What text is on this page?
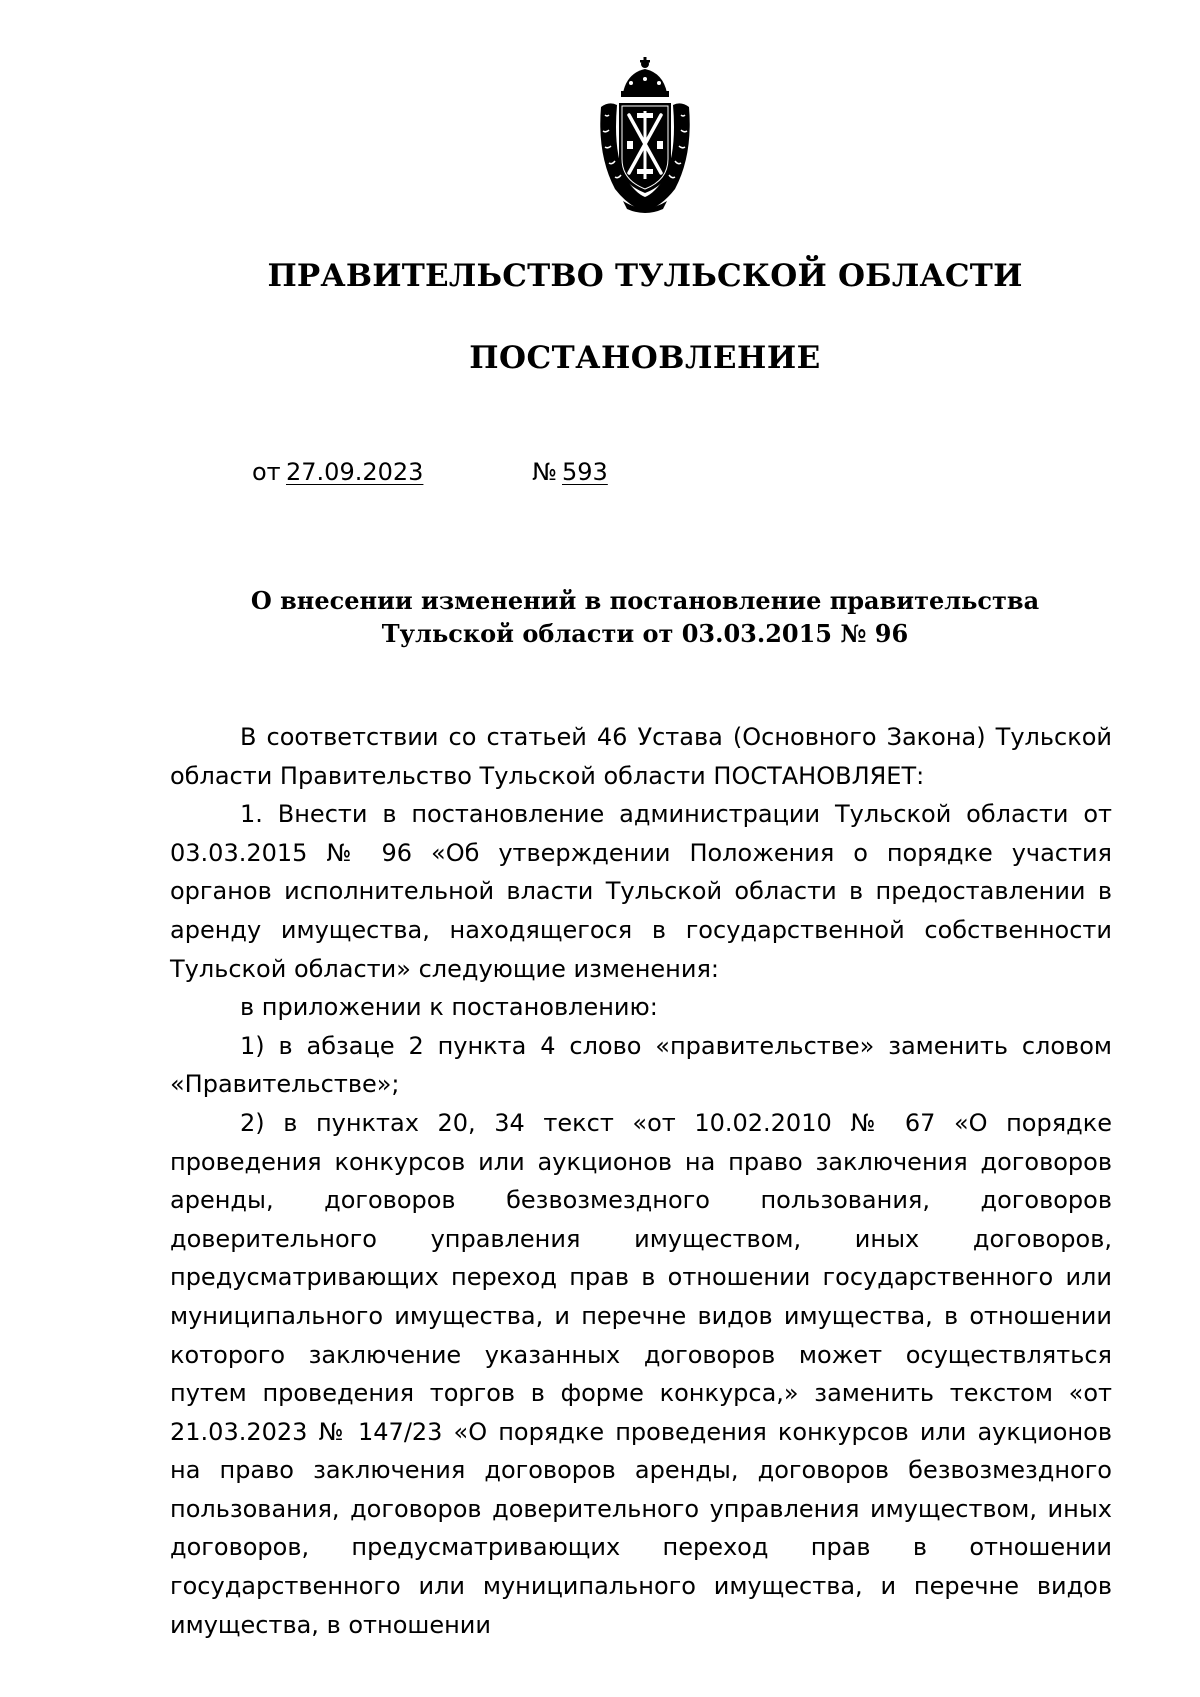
ПРАВИТЕЛЬСТВО ТУЛЬСКОЙ ОБЛАСТИ
ПОСТАНОВЛЕНИЕ
от 27.09.2023	№ 593
О внесении изменений в постановление правительства
Тульской области от 03.03.2015 № 96

В соответствии со статьей 46 Устава (Основного Закона) Тульской области Правительство Тульской области ПОСТАНОВЛЯЕТ:

1. Внести в постановление администрации Тульской области от 03.03.2015 № 96 «Об утверждении Положения о порядке участия органов исполнительной власти Тульской области в предоставлении в аренду имущества, находящегося в государственной собственности Тульской области» следующие изменения:

в приложении к постановлению:

1) в абзаце 2 пункта 4 слово «правительстве» заменить словом «Правительстве»;

2) в пунктах 20, 34 текст «от 10.02.2010 № 67 «О порядке проведения конкурсов или аукционов на право заключения договоров аренды, договоров безвозмездного пользования, договоров доверительного управления имуществом, иных договоров, предусматривающих переход прав в отношении государственного или муниципального имущества, и перечне видов имущества, в отношении которого заключение указанных договоров может осуществляться путем проведения торгов в форме конкурса,» заменить текстом «от 21.03.2023 № 147/23 «О порядке проведения конкурсов или аукционов на право заключения договоров аренды, договоров безвозмездного пользования, договоров доверительного управления имуществом, иных договоров, предусматривающих переход прав в отношении государственного или муниципального имущества, и перечне видов имущества, в отношении
